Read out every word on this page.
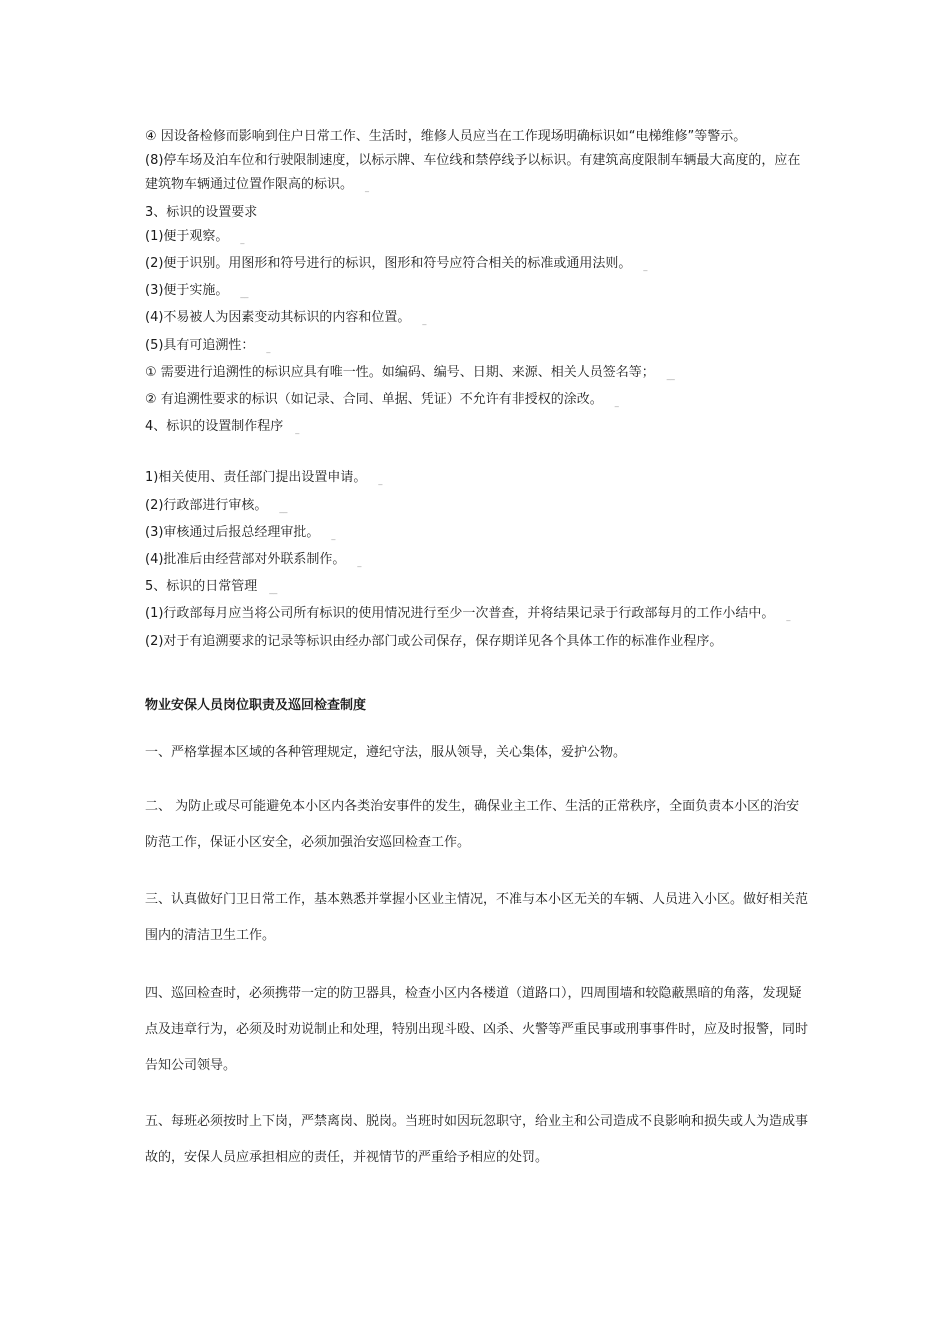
④ 因设备检修而影响到住户日常工作、生活时，维修人员应当在工作现场明确标识如“电梯维修”等警示。

(8)停车场及泊车位和行驶限制速度，以标示牌、车位线和禁停线予以标识。有建筑高度限制车辆最大高度的，应在建筑物车辆通过位置作限高的标识。 _

3、标识的设置要求

(1)便于观察。 _

(2)便于识别。用图形和符号进行的标识，图形和符号应符合相关的标准或通用法则。 _

(3)便于实施。 __

(4)不易被人为因素变动其标识的内容和位置。 _

(5)具有可追溯性： _

① 需要进行追溯性的标识应具有唯一性。如编码、编号、日期、来源、相关人员签名等； __

② 有追溯性要求的标识（如记录、合同、单据、凭证）不允许有非授权的涂改。 _

4、标识的设置制作程序 _

1)相关使用、责任部门提出设置申请。 _

(2)行政部进行审核。 __

(3)审核通过后报总经理审批。 _

(4)批准后由经营部对外联系制作。 _

5、标识的日常管理 __

(1)行政部每月应当将公司所有标识的使用情况进行至少一次普查，并将结果记录于行政部每月的工作小结中。 _

(2)对于有追溯要求的记录等标识由经办部门或公司保存，保存期详见各个具体工作的标准作业程序。

物业安保人员岗位职责及巡回检查制度
一、严格掌握本区域的各种管理规定，遵纪守法，服从领导，关心集体，爱护公物。
二、 为防止或尽可能避免本小区内各类治安事件的发生，确保业主工作、生活的正常秩序，全面负责本小区的治安防范工作，保证小区安全，必须加强治安巡回检查工作。
三、认真做好门卫日常工作，基本熟悉并掌握小区业主情况，不准与本小区无关的车辆、人员进入小区。做好相关范围内的清洁卫生工作。
四、巡回检查时，必须携带一定的防卫器具，检查小区内各楼道（道路口），四周围墙和较隐蔽黑暗的角落，发现疑点及违章行为，必须及时劝说制止和处理，特别出现斗殴、凶杀、火警等严重民事或刑事事件时，应及时报警，同时告知公司领导。
五、每班必须按时上下岗，严禁离岗、脱岗。当班时如因玩忽职守，给业主和公司造成不良影响和损失或人为造成事故的，安保人员应承担相应的责任，并视情节的严重给予相应的处罚。
